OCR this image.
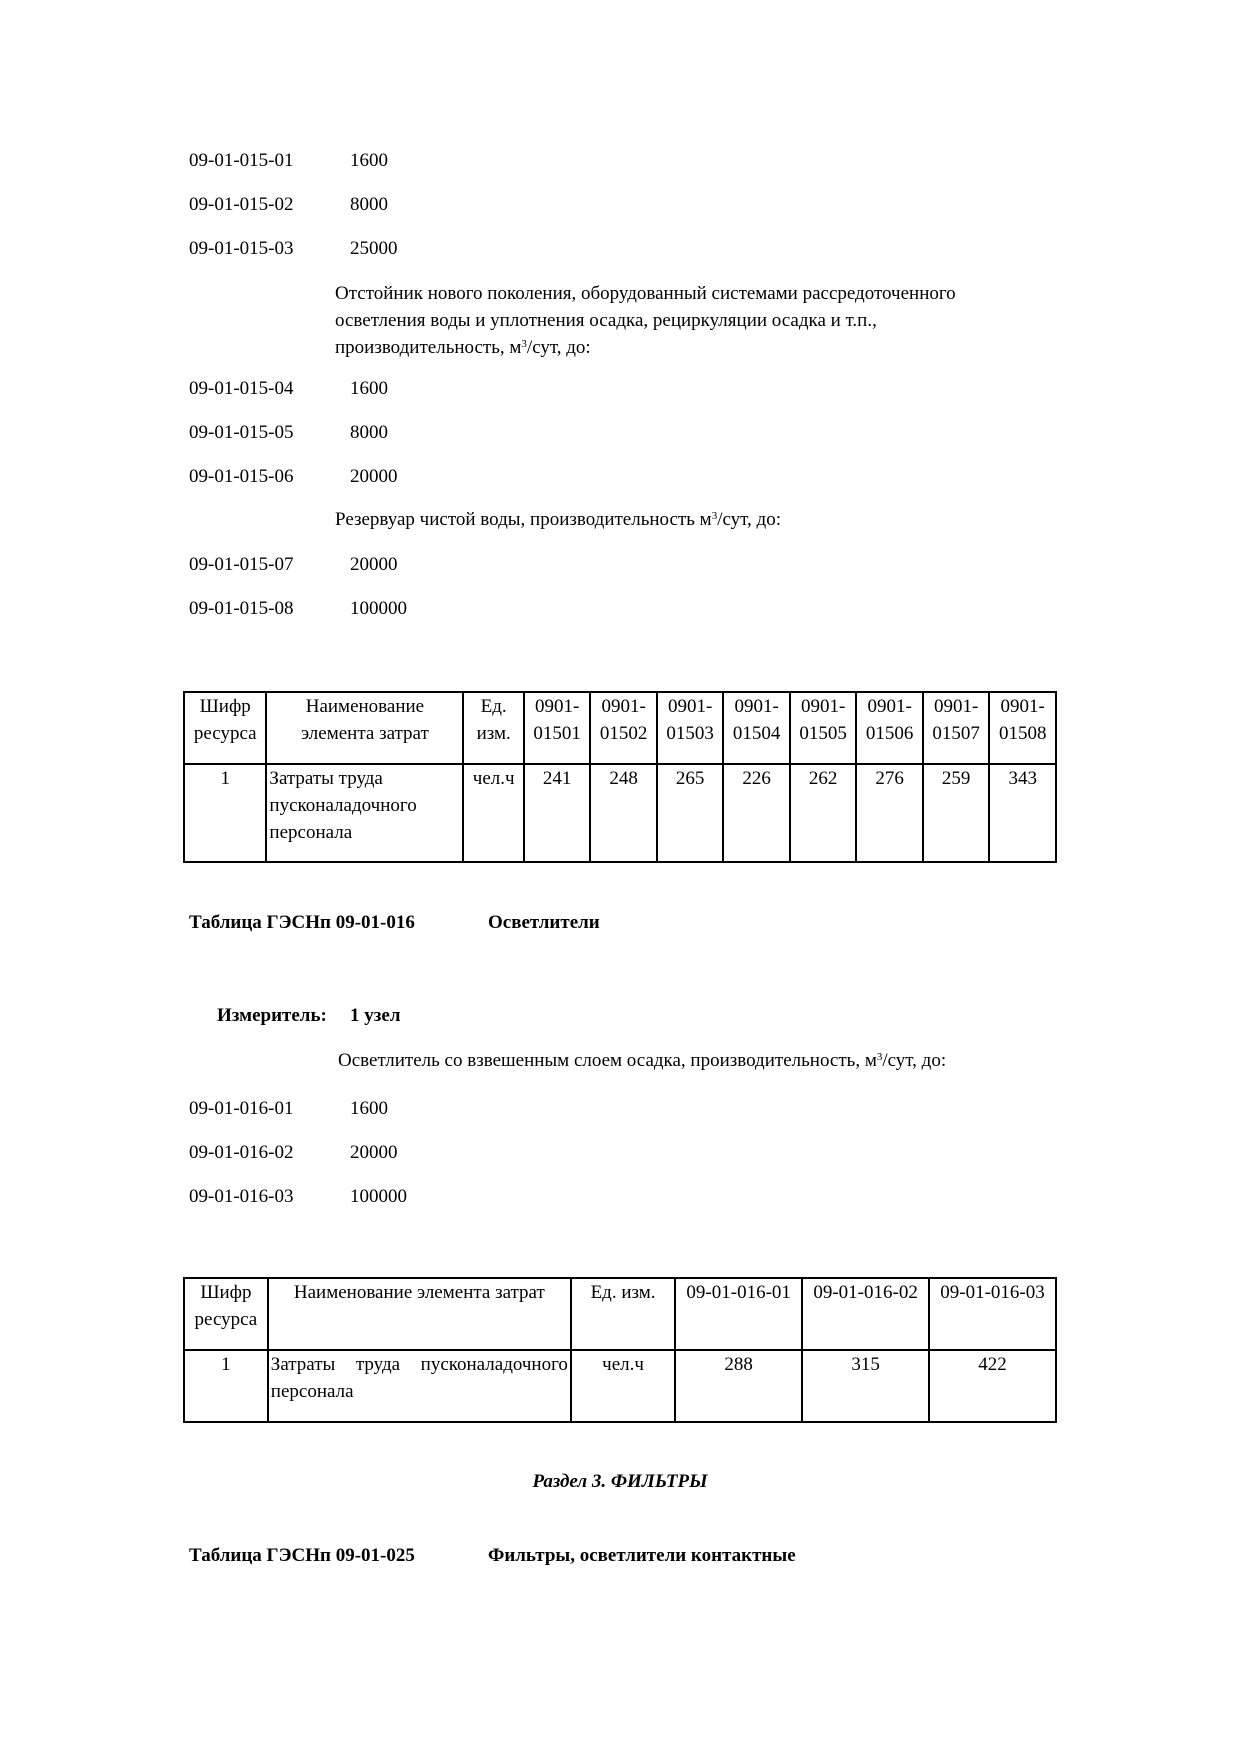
09-01-015-01	1600
09-01-015-02	8000
09-01-015-03	25000
Отстойник нового поколения, оборудованный системами рассредоточенного осветления воды и уплотнения осадка, рециркуляции осадка и т.п., производительность, $м^3$/сут, до:
09-01-015-04	1600
09-01-015-05	8000
09-01-015-06	20000
Резервуар чистой воды, производительность $м^3$/сут, до:
09-01-015-07	20000
09-01-015-08	100000
Шифр ресурса	Наименование элемента затрат	Ед. изм.	0901-01501	0901-01502	0901-01503	0901-01504	0901-01505	0901-01506	0901-01507	0901-01508
1	Затраты труда пусконаладочного персонала	чел.ч	241	248	265	226	262	276	259	343
Таблица ГЭСНп 09-01-016	Осветлители
Измеритель: 1 узел
Осветлитель со взвешенным слоем осадка, производительность, $м^3$/сут, до:
09-01-016-01	1600
09-01-016-02	20000
09-01-016-03	100000
Шифр ресурса	Наименование элемента затрат	Ед. изм.	09-01-016-01	09-01-016-02	09-01-016-03
1	Затраты труда пусконаладочного персонала	чел.ч	288	315	422
Раздел 3. ФИЛЬТРЫ
Таблица ГЭСНп 09-01-025	Фильтры, осветлители контактные
